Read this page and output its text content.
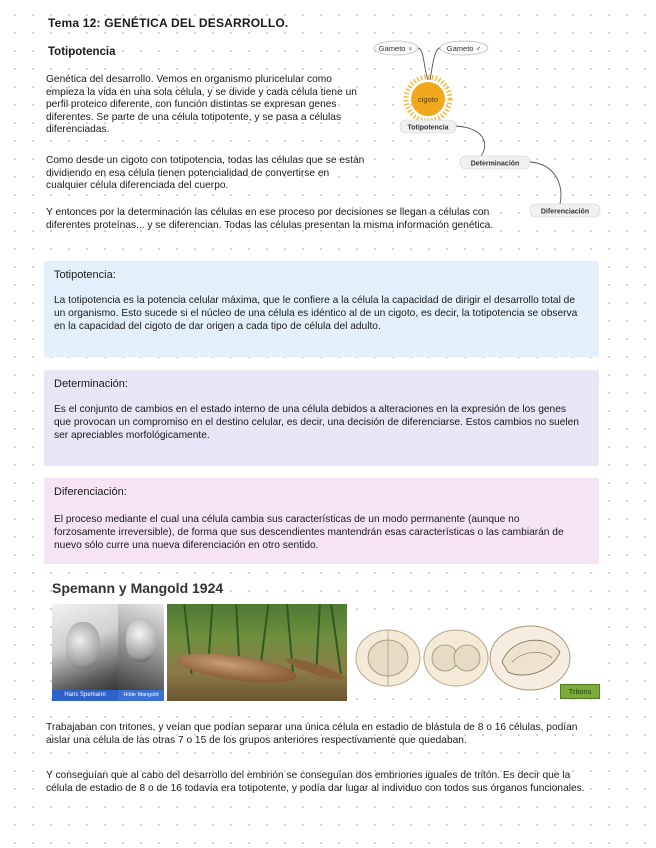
Tema 12: GENÉTICA DEL DESARROLLO.
Totipotencia
Genética del desarrollo. Vemos en organismo pluricelular como empieza la vida en una sola célula, y se divide y cada célula tiene un perfil proteico diferente, con función distintas se expresan genes diferentes. Se parte de una célula totipotente, y se pasa a células diferenciadas.
Como desde un cigoto con totipotencia, todas las células que se están dividiendo en esa célula tienen potencialidad de convertirse en cualquier célula diferenciada del cuerpo.
Y entonces por la determinación las células en ese proceso por decisiones se llegan a células con diferentes proteínas... y se diferencian. Todas las células presentan la misma información genética.
Gameto ♀	Gameto ♂
cigoto
Totipotencia
Determinación
Diferenciación
Totipotencia:
La totipotencia es la potencia celular máxima, que le confiere a la célula la capacidad de dirigir el desarrollo total de un organismo. Esto sucede si el núcleo de una célula es idéntico al de un cigoto, es decir, la totipotencia se observa en la capacidad del cigoto de dar origen a cada tipo de célula del adulto.
Determinación:
Es el conjunto de cambios en el estado interno de una célula debidos a alteraciones en la expresión de los genes que provocan un compromiso en el destino celular, es decir, una decisión de diferenciarse. Estos cambios no suelen ser apreciables morfológicamente.
Diferenciación:
El proceso mediante el cual una célula cambia sus características de un modo permanente (aunque no forzosamente irreversible), de forma que sus descendientes mantendrán esas características o las cambiarán de nuevo sólo curre una nueva diferenciación en otro sentido.
Spemann y Mangold 1924
Hans Spemann	Hilde Mangold	Tritons
Trabajaban con tritones, y veían que podían separar una única célula en estadio de blástula de 8 o 16 células, podían aislar una célula de las otras 7 o 15 de los grupos anteriores respectivamente que quedaban.
Y conseguían que al cabo del desarrollo del embrión se conseguían dos embriones iguales de tritón. Es decir que la célula de estadio de 8 o de 16 todavía era totipotente, y podía dar lugar al individuo con todos sus órganos funcionales.
